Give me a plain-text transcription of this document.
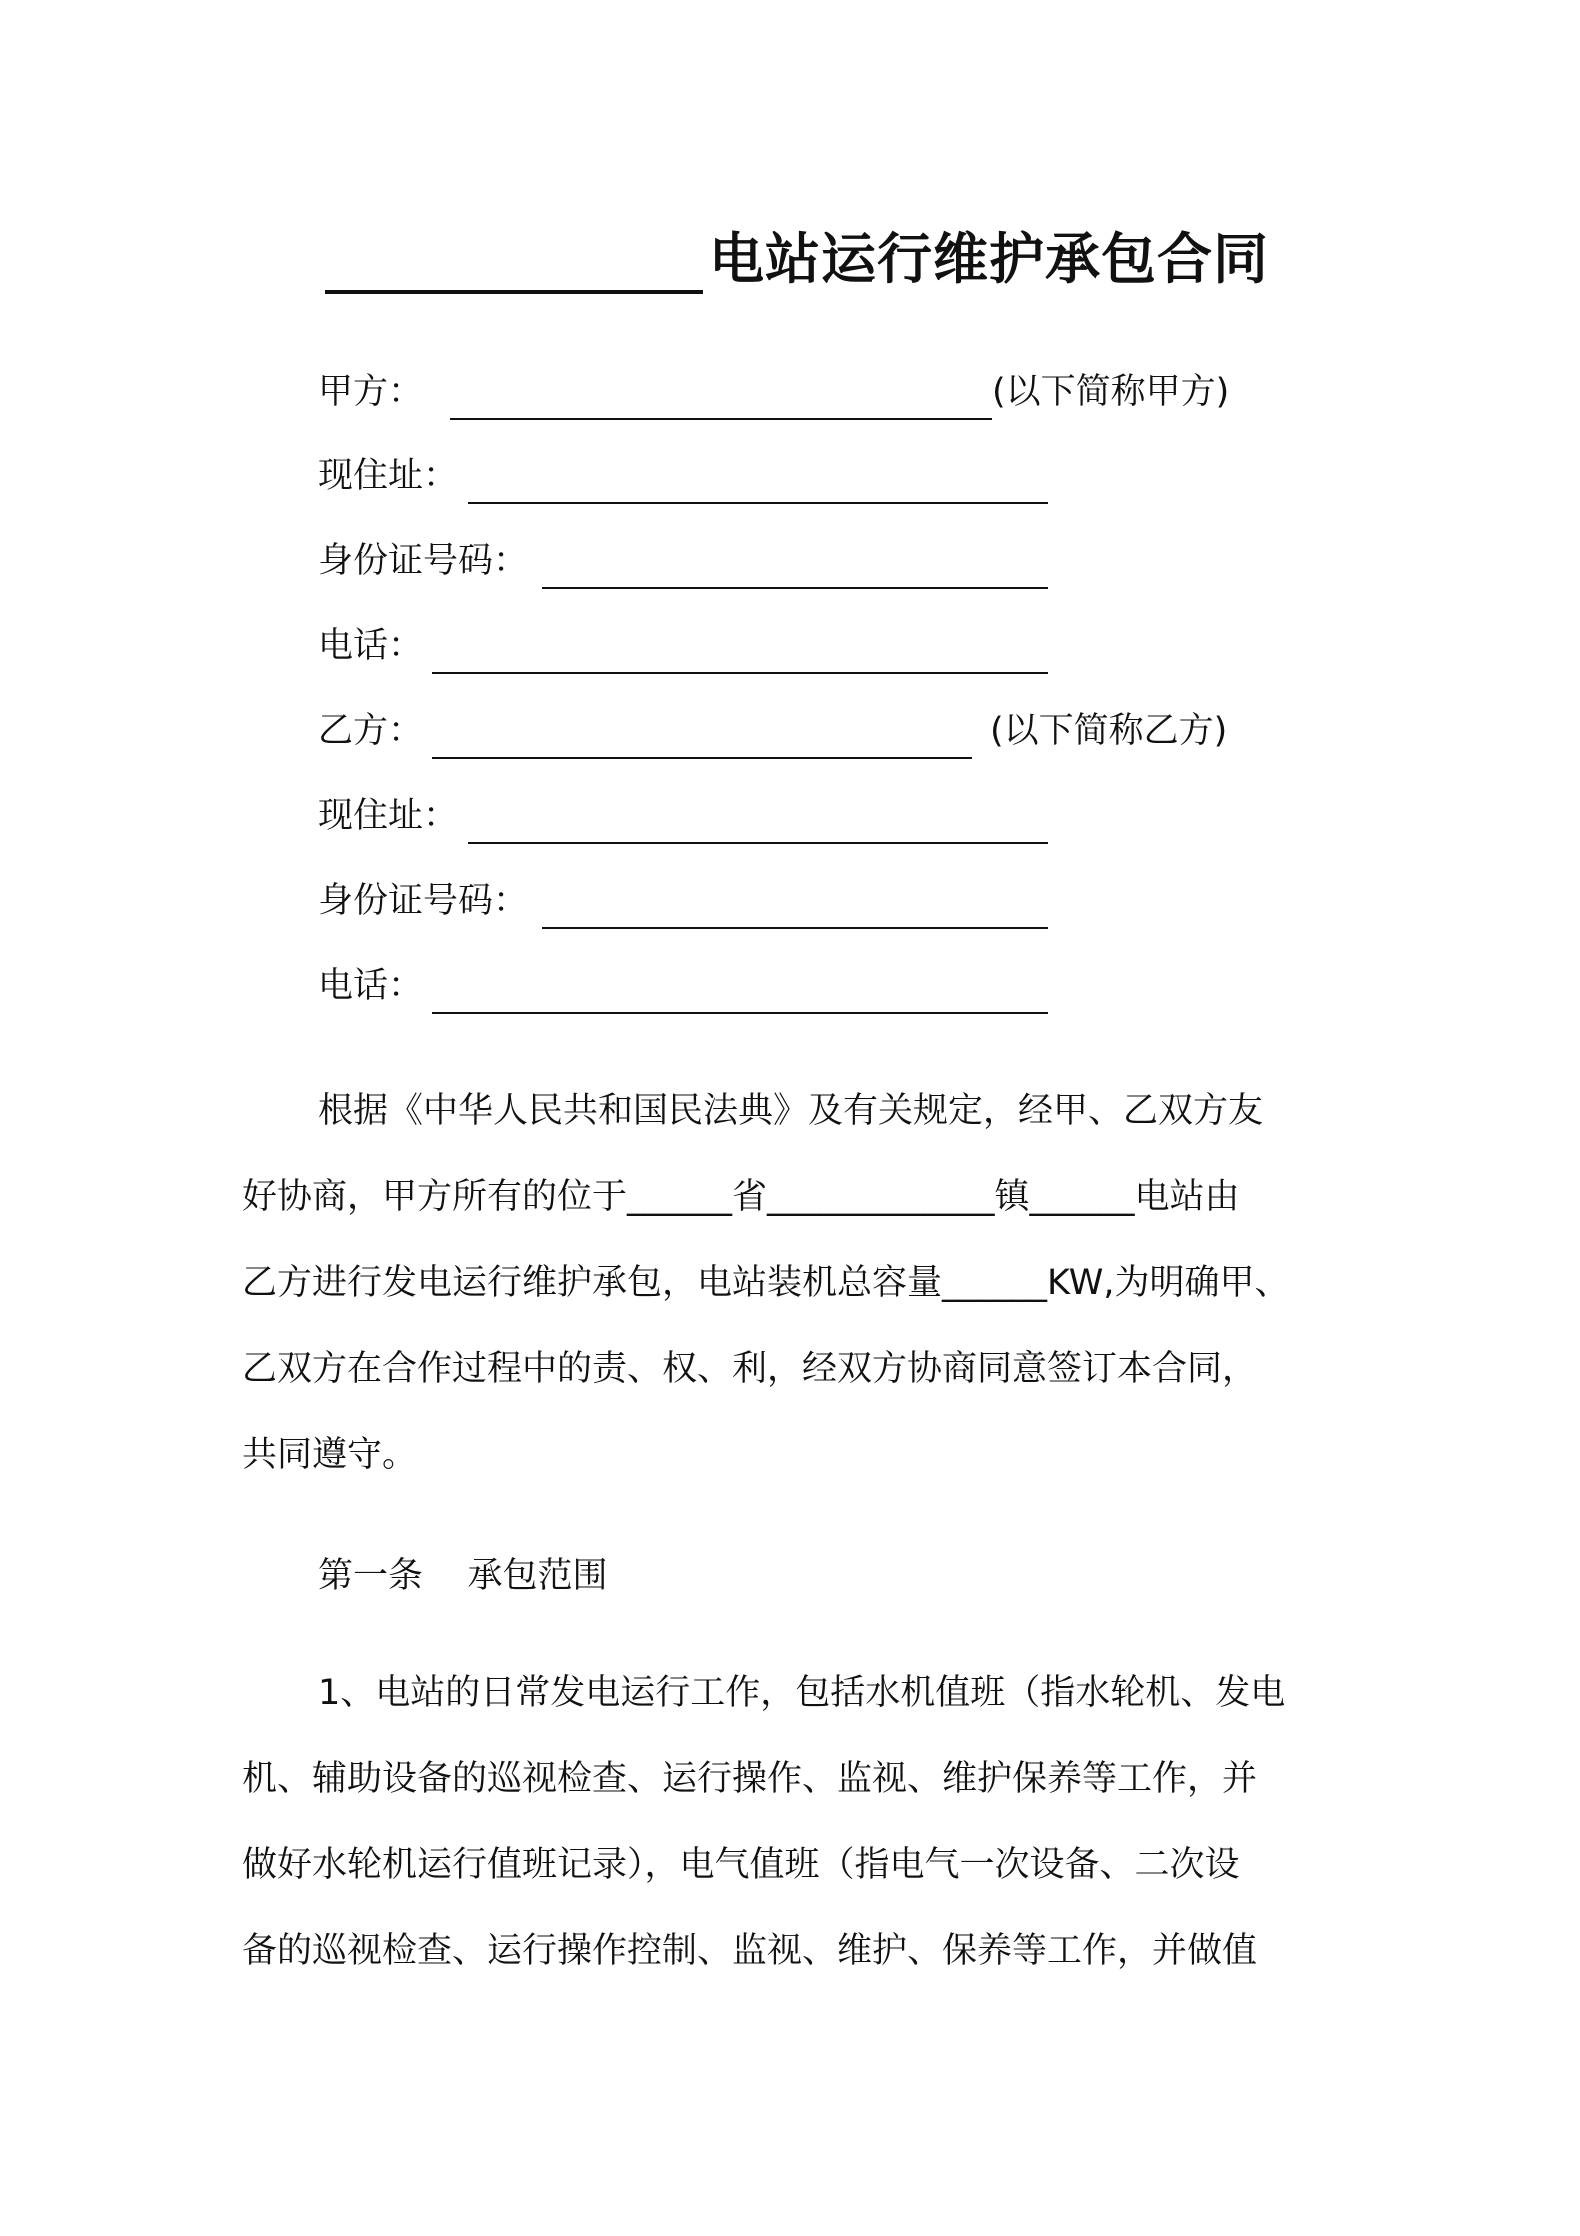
电站运行维护承包合同
甲方：	(以下简称甲方)
现住址：
身份证号码：
电话：
乙方：	(以下简称乙方)
现住址：
身份证号码：
电话：
根据《中华人民共和国民法典》及有关规定，经甲、乙双方友
好协商，甲方所有的位于______省_____________镇______电站由
乙方进行发电运行维护承包，电站装机总容量______KW,为明确甲、
乙双方在合作过程中的责、权、利，经双方协商同意签订本合同，
共同遵守。
第一条    承包范围
1、电站的日常发电运行工作，包括水机值班（指水轮机、发电
机、辅助设备的巡视检查、运行操作、监视、维护保养等工作，并
做好水轮机运行值班记录），电气值班（指电气一次设备、二次设
备的巡视检查、运行操作控制、监视、维护、保养等工作，并做值
